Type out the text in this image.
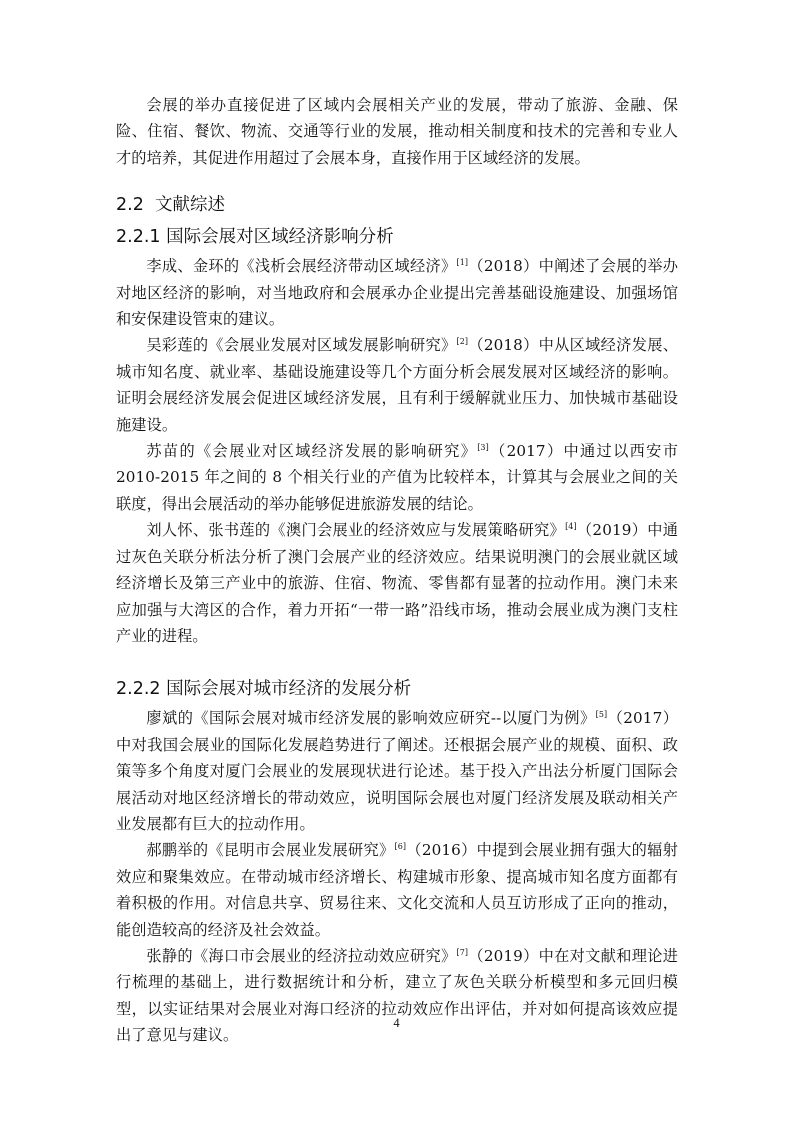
会展的举办直接促进了区域内会展相关产业的发展，带动了旅游、金融、保险、住宿、餐饮、物流、交通等行业的发展，推动相关制度和技术的完善和专业人才的培养，其促进作用超过了会展本身，直接作用于区域经济的发展。

2.2 文献综述
2.2.1 国际会展对区域经济影响分析

李成、金环的《浅析会展经济带动区域经济》[1]（2018）中阐述了会展的举办对地区经济的影响，对当地政府和会展承办企业提出完善基础设施建设、加强场馆和安保建设管束的建议。

吴彩莲的《会展业发展对区域发展影响研究》[2]（2018）中从区域经济发展、城市知名度、就业率、基础设施建设等几个方面分析会展发展对区域经济的影响。证明会展经济发展会促进区域经济发展，且有利于缓解就业压力、加快城市基础设施建设。

苏苗的《会展业对区域经济发展的影响研究》[3]（2017）中通过以西安市 2010-2015 年之间的 8 个相关行业的产值为比较样本，计算其与会展业之间的关联度，得出会展活动的举办能够促进旅游发展的结论。

刘人怀、张书莲的《澳门会展业的经济效应与发展策略研究》[4]（2019）中通过灰色关联分析法分析了澳门会展产业的经济效应。结果说明澳门的会展业就区域经济增长及第三产业中的旅游、住宿、物流、零售都有显著的拉动作用。澳门未来应加强与大湾区的合作，着力开拓“一带一路”沿线市场，推动会展业成为澳门支柱产业的进程。

2.2.2 国际会展对城市经济的发展分析

廖斌的《国际会展对城市经济发展的影响效应研究--以厦门为例》[5]（2017）中对我国会展业的国际化发展趋势进行了阐述。还根据会展产业的规模、面积、政策等多个角度对厦门会展业的发展现状进行论述。基于投入产出法分析厦门国际会展活动对地区经济增长的带动效应，说明国际会展也对厦门经济发展及联动相关产业发展都有巨大的拉动作用。

郝鹏举的《昆明市会展业发展研究》[6]（2016）中提到会展业拥有强大的辐射效应和聚集效应。在带动城市经济增长、构建城市形象、提高城市知名度方面都有着积极的作用。对信息共享、贸易往来、文化交流和人员互访形成了正向的推动，能创造较高的经济及社会效益。

张静的《海口市会展业的经济拉动效应研究》[7]（2019）中在对文献和理论进行梳理的基础上，进行数据统计和分析，建立了灰色关联分析模型和多元回归模型，以实证结果对会展业对海口经济的拉动效应作出评估，并对如何提高该效应提出了意见与建议。

4
